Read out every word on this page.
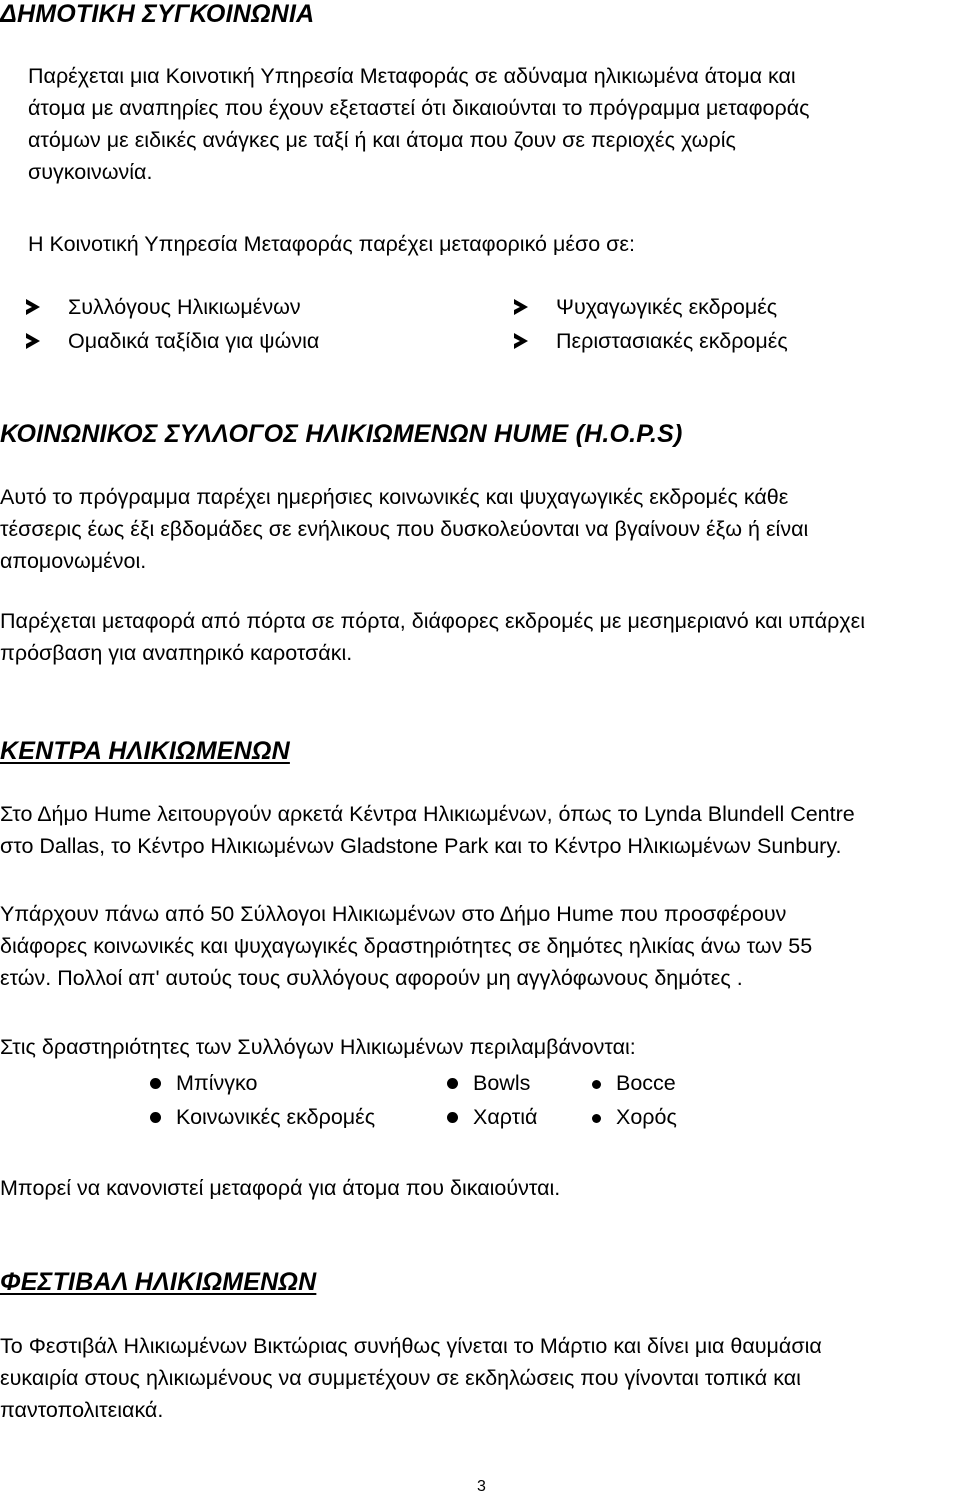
ΔΗΜΟΤΙΚΗ ΣΥΓΚΟΙΝΩΝΙΑ
Παρέχεται μια Κοινοτική Υπηρεσία Μεταφοράς σε αδύναμα ηλικιωμένα άτομα και
άτομα με αναπηρίες που έχουν εξεταστεί ότι δικαιούνται το πρόγραμμα μεταφοράς
ατόμων με ειδικές ανάγκες με ταξί ή και άτομα που ζουν σε περιοχές χωρίς
συγκοινωνία.
Η Κοινοτική Υπηρεσία Μεταφοράς παρέχει μεταφορικό μέσο σε:
Συλλόγους Ηλικιωμένων
Ομαδικά ταξίδια για ψώνια
Ψυχαγωγικές εκδρομές
Περιστασιακές εκδρομές
ΚΟΙΝΩΝΙΚΟΣ ΣΥΛΛΟΓΟΣ ΗΛΙΚΙΩΜΕΝΩΝ HUME (H.O.P.S)
Αυτό το πρόγραμμα παρέχει ημερήσιες κοινωνικές και ψυχαγωγικές εκδρομές κάθε
τέσσερις έως έξι εβδομάδες σε ενήλικους που δυσκολεύονται να βγαίνουν έξω ή είναι
απομονωμένοι.
Παρέχεται μεταφορά από πόρτα σε πόρτα, διάφορες εκδρομές με μεσημεριανό και υπάρχει
πρόσβαση για αναπηρικό καροτσάκι.
ΚΕΝΤΡΑ ΗΛΙΚΙΩΜΕΝΩΝ
Στο Δήμο Hume λειτουργούν αρκετά Κέντρα Ηλικιωμένων, όπως το Lynda Blundell Centre
στο Dallas, το Κέντρο Ηλικιωμένων Gladstone Park και το Κέντρο Ηλικιωμένων Sunbury.
Υπάρχουν πάνω από 50 Σύλλογοι Ηλικιωμένων στο Δήμο Hume που προσφέρουν
διάφορες κοινωνικές και ψυχαγωγικές δραστηριότητες σε δημότες ηλικίας άνω των 55
ετών. Πολλοί απ' αυτούς τους συλλόγους αφορούν μη αγγλόφωνους δημότες .
Στις δραστηριότητες των Συλλόγων Ηλικιωμένων περιλαμβάνονται:
Μπίνγκο
Κοινωνικές εκδρομές
Bowls
Χαρτιά
Bocce
Χορός
Μπορεί να κανονιστεί μεταφορά για άτομα που δικαιούνται.
ΦΕΣΤΙΒΑΛ ΗΛΙΚΙΩΜΕΝΩΝ
Το Φεστιβάλ Ηλικιωμένων Βικτώριας συνήθως γίνεται το Μάρτιο και δίνει μια θαυμάσια
ευκαιρία στους ηλικιωμένους να συμμετέχουν σε εκδηλώσεις που γίνονται τοπικά και
παντοπολιτειακά.
3
